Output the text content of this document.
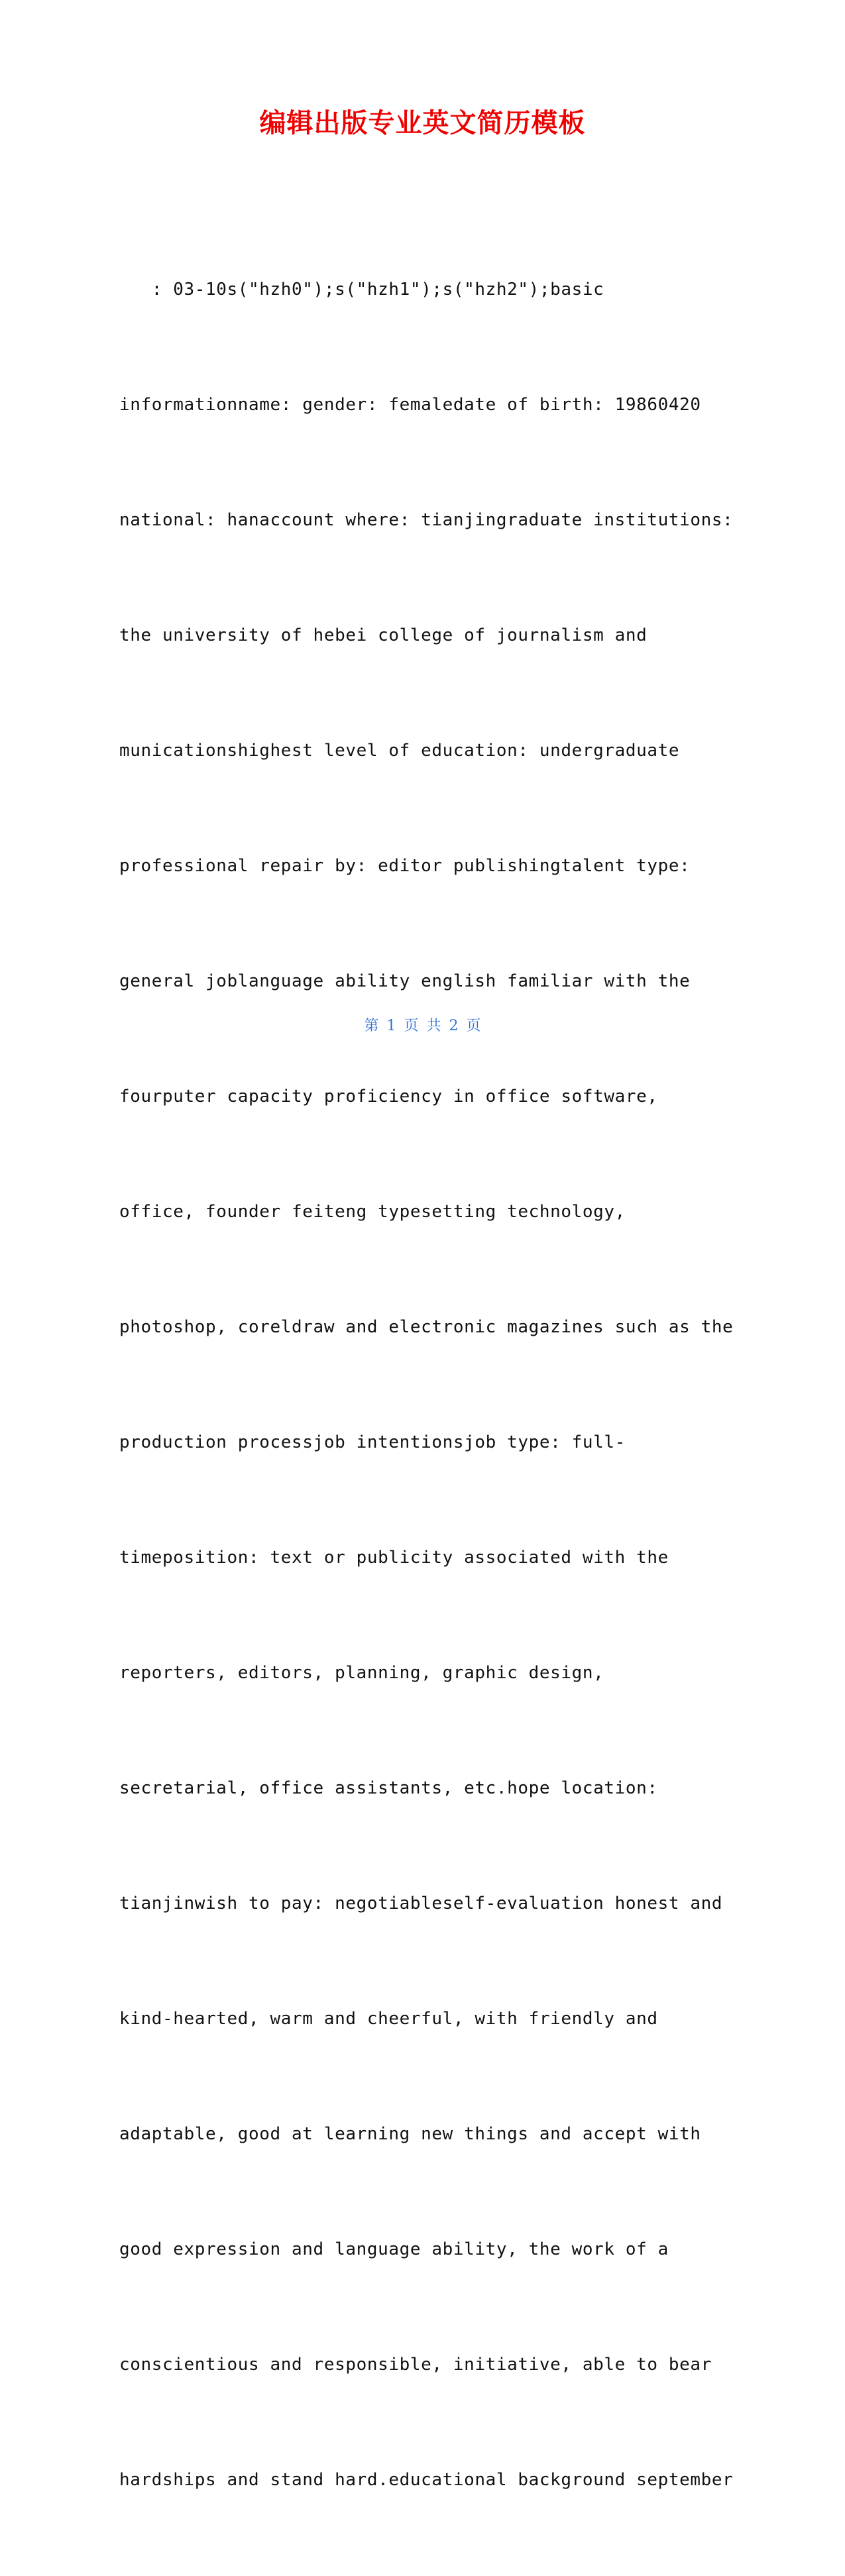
编辑出版专业英文简历模板

: 03-10s("hzh0");s("hzh1");s("hzh2");basic

informationname: gender: femaledate of birth: 19860420

national: hanaccount where: tianjingraduate institutions:

the university of hebei college of journalism and

municationshighest level of education: undergraduate

professional repair by: editor publishingtalent type:

general joblanguage ability english familiar with the

fourputer capacity proficiency in office software,

office, founder feiteng typesetting technology,

photoshop, coreldraw and electronic magazines such as the

production processjob intentionsjob type: full-

timeposition: text or publicity associated with the

reporters, editors, planning, graphic design,

secretarial, office assistants, etc.hope location:

tianjinwish to pay: negotiableself-evaluation honest and

kind-hearted, warm and cheerful, with friendly and

adaptable, good at learning new things and accept with

good expression and language ability, the work of a

conscientious and responsible, initiative, able to bear

hardships and stand hard.educational background september

第 1 页 共 2 页
